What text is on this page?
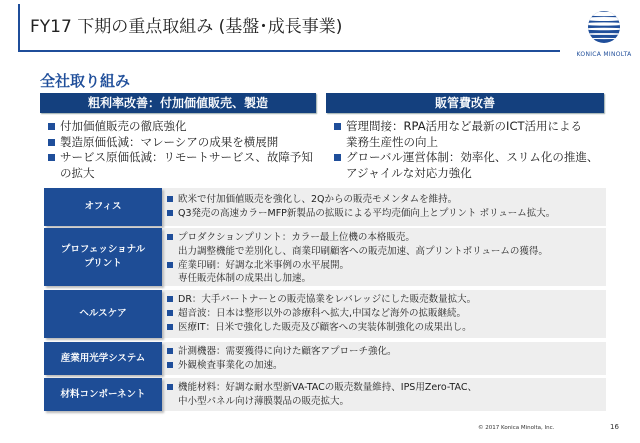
FY17 下期の重点取組み (基盤･成長事業)
KONICA MINOLTA
全社取り組み
粗利率改善：付加価値販売、製造
付加価値販売の徹底強化
製造原価低減：マレーシアの成果を横展開
サービス原価低減：リモートサービス、故障予知
の拡大
販管費改善
管理間接：RPA活用など最新のICT活用による
業務生産性の向上
グローバル運営体制：効率化、スリム化の推進、
アジャイルな対応力強化
オフィス
欧米で付加価値販売を強化し、2Qからの販売モメンタムを維持。
Q3発売の高速カラーMFP新製品の拡販による平均売価向上とプリント ボリューム拡大。
プロフェッショナル
プリント
プロダクションプリント：カラー最上位機の本格販売。
出力調整機能で差別化し、商業印刷顧客への販売加速、高プリントボリュームの獲得。
産業印刷：好調な北米事例の水平展開。
専任販売体制の成果出し加速。
ヘルスケア
DR：大手パートナーとの販売協業をレバレッジにした販売数量拡大。
超音波：日本は整形以外の診療科へ拡大,中国など海外の拡販継続。
医療IT：日米で強化した販売及び顧客への実装体制強化の成果出し。
産業用光学システム
計測機器：需要獲得に向けた顧客アプローチ強化。
外観検査事業化の加速。
材料コンポーネント
機能材料：好調な耐水型新VA-TACの販売数量維持、IPS用Zero-TAC、
中小型パネル向け薄膜製品の販売拡大。
© 2017 Konica Minolta, Inc.	16
